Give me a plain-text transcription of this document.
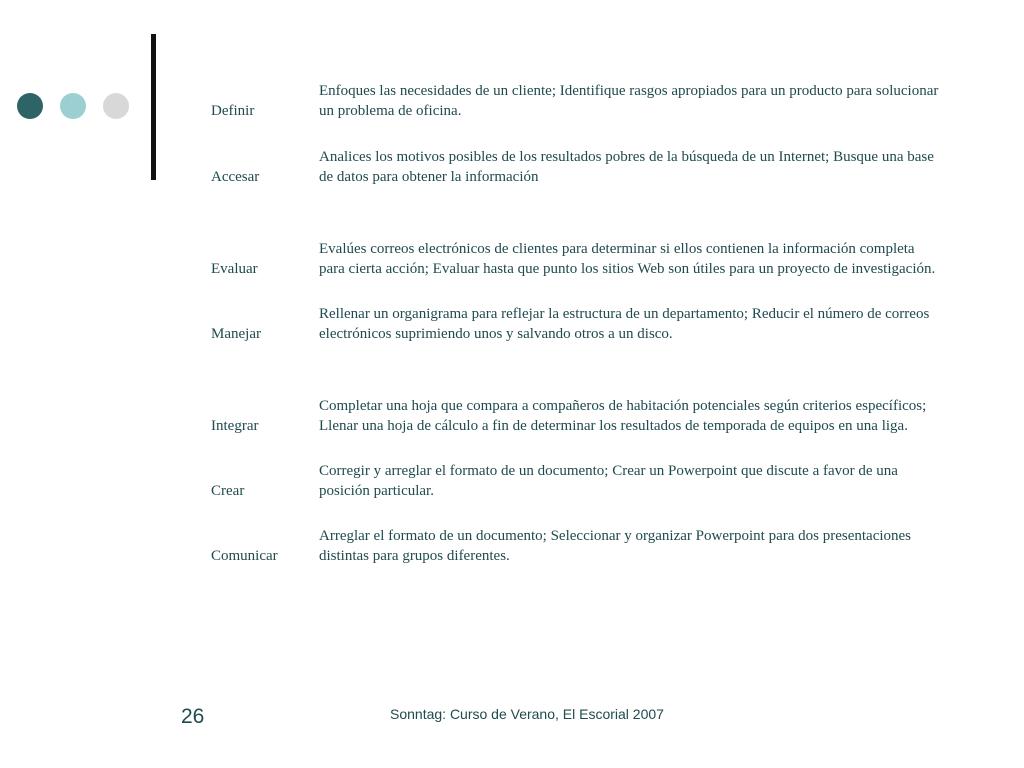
Definir
Enfoques las necesidades de un cliente; Identifique rasgos apropiados para un producto para solucionar un problema de oficina.
Accesar
Analices los motivos posibles de los resultados pobres de la búsqueda de un Internet; Busque una base de datos para obtener la información
Evaluar
Evalúes correos electrónicos de clientes para determinar si ellos contienen la información completa para cierta acción; Evaluar hasta que punto los sitios Web son útiles para un proyecto de investigación.
Manejar
Rellenar un organigrama para reflejar la estructura de un departamento; Reducir el número de correos electrónicos suprimiendo unos y salvando otros a un disco.
Integrar
Completar una hoja que compara a compañeros de habitación potenciales según criterios específicos; Llenar una hoja de cálculo a fin de determinar los resultados de temporada de equipos en una liga.
Crear
Corregir y arreglar el formato de un documento; Crear un Powerpoint que discute a favor de una posición particular.
Comunicar
Arreglar el formato de un documento; Seleccionar y organizar Powerpoint para dos presentaciones distintas para grupos diferentes.
26	Sonntag: Curso de Verano, El Escorial 2007
